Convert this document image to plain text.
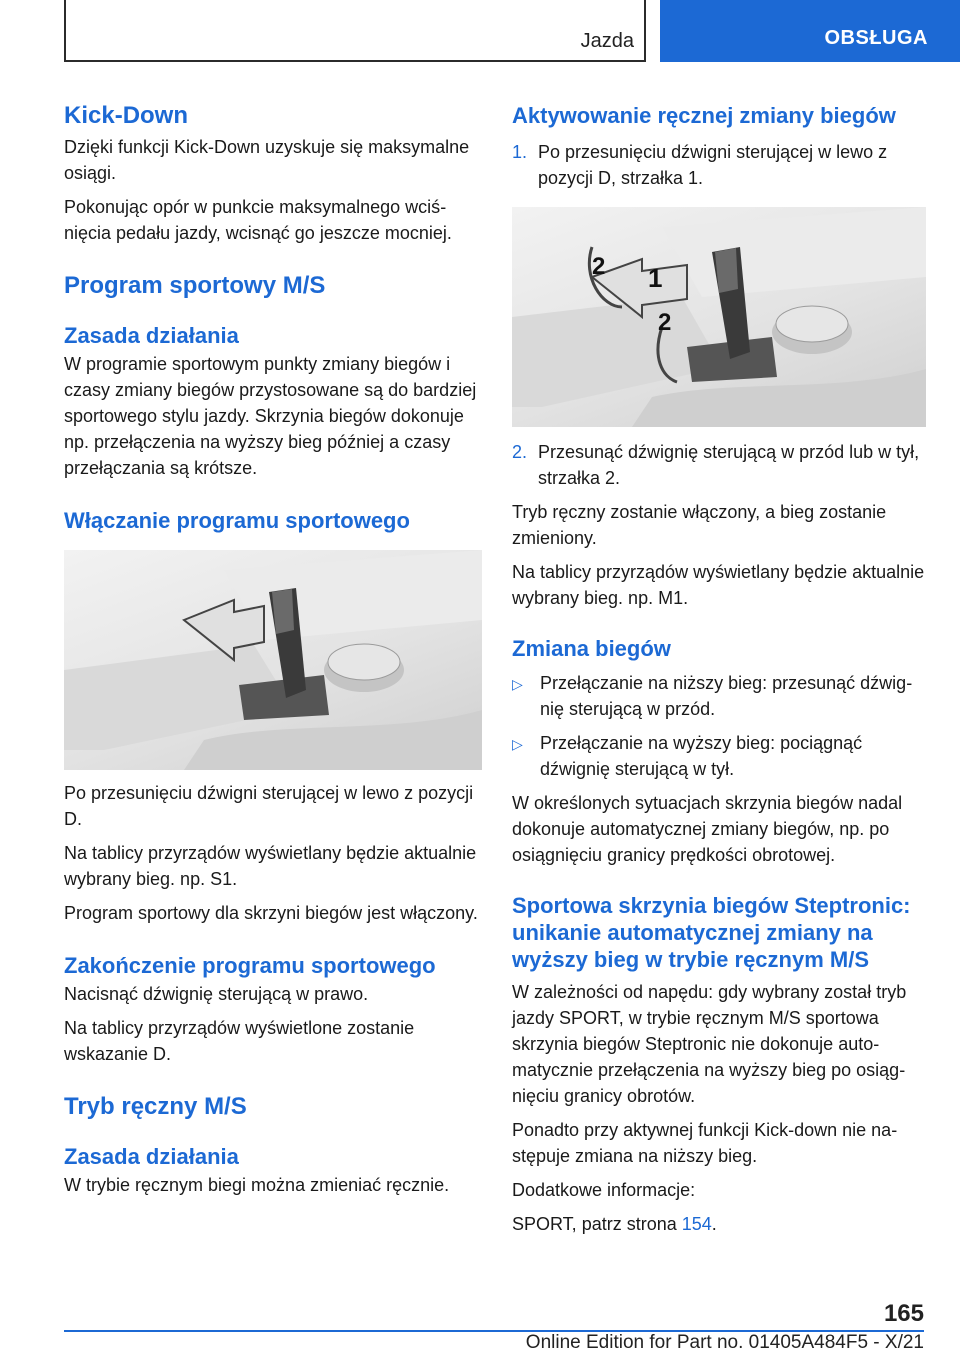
Jazda	OBSŁUGA
Kick-Down

Dzięki funkcji Kick-Down uzyskuje się maksymalne osiągi.

Pokonując opór w punkcie maksymalnego wciśnięcia pedału jazdy, wcisnąć go jeszcze mocniej.

Program sportowy M/S
Zasada działania

W programie sportowym punkty zmiany biegów i czasy zmiany biegów przystosowane są do bardziej sportowego stylu jazdy. Skrzynia biegów dokonuje np. przełączenia na wyższy bieg później a czasy przełączania są krótsze.

Włączanie programu sportowego

Po przesunięciu dźwigni sterującej w lewo z pozycji D.

Na tablicy przyrządów wyświetlany będzie aktualnie wybrany bieg. np. S1.

Program sportowy dla skrzyni biegów jest włączony.

Zakończenie programu sportowego

Nacisnąć dźwignię sterującą w prawo.

Na tablicy przyrządów wyświetlone zostanie wskazanie D.

Tryb ręczny M/S
Zasada działania

W trybie ręcznym biegi można zmieniać ręcznie.

Aktywowanie ręcznej zmiany biegów
1. Po przesunięciu dźwigni sterującej w lewo z pozycji D, strzałka 1.
1
2
2
2. Przesunąć dźwignię sterującą w przód lub w tył, strzałka 2.

Tryb ręczny zostanie włączony, a bieg zostanie zmieniony.

Na tablicy przyrządów wyświetlany będzie aktualnie wybrany bieg. np. M1.

Zmiana biegów
▷ Przełączanie na niższy bieg: przesunąć dźwignię sterującą w przód.
▷ Przełączanie na wyższy bieg: pociągnąć dźwignię sterującą w tył.

W określonych sytuacjach skrzynia biegów nadal dokonuje automatycznej zmiany biegów, np. po osiągnięciu granicy prędkości obrotowej.

Sportowa skrzynia biegów Steptronic: unikanie automatycznej zmiany na wyższy bieg w trybie ręcznym M/S

W zależności od napędu: gdy wybrany został tryb jazdy SPORT, w trybie ręcznym M/S sportowa skrzynia biegów Steptronic nie dokonuje automatycznie przełączenia na wyższy bieg po osiągnięciu granicy obrotów.

Ponadto przy aktywnej funkcji Kick-down nie następuje zmiana na niższy bieg.

Dodatkowe informacje:

SPORT, patrz strona 154.

165
Online Edition for Part no. 01405A484F5 - X/21
